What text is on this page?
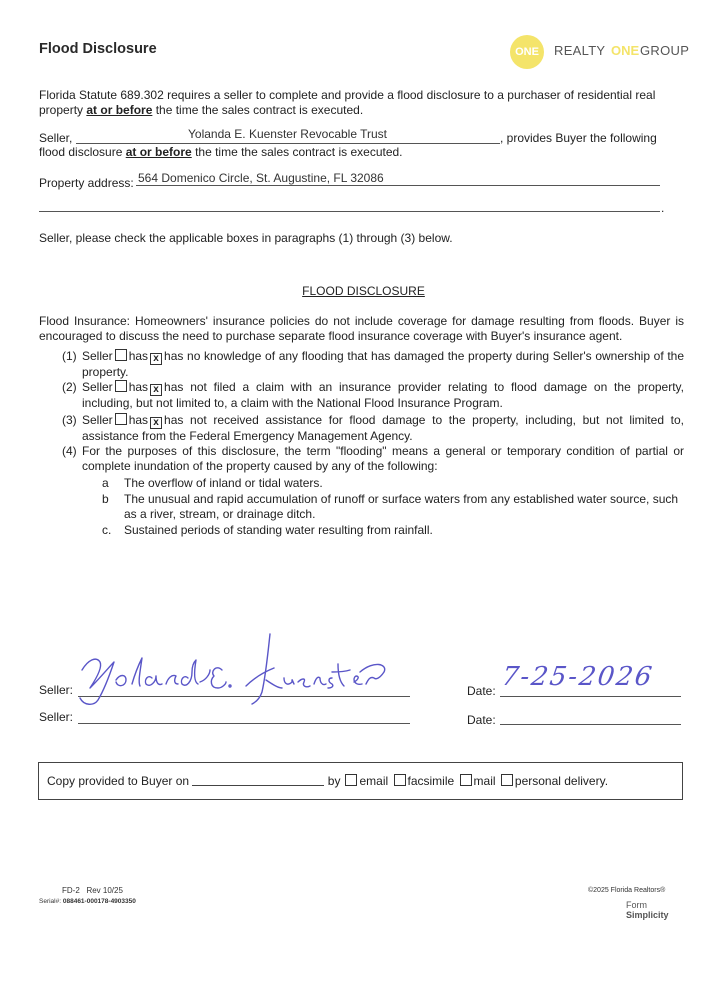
Flood Disclosure	ONE	REALTY ONE GROUP
Florida Statute 689.302 requires a seller to complete and provide a flood disclosure to a purchaser of residential real
property at or before the time the sales contract is executed.
Seller,	Yolanda E. Kuenster Revocable Trust	, provides Buyer the following
flood disclosure at or before the time the sales contract is executed.
Property address: 564 Domenico Circle, St. Augustine, FL 32086
.
Seller, please check the applicable boxes in paragraphs (1) through (3) below.
FLOOD DISCLOSURE
Flood Insurance: Homeowners' insurance policies do not include coverage for damage resulting from floods. Buyer is encouraged to discuss the need to purchase separate flood insurance coverage with Buyer's insurance agent.
(1) Seller has x has no knowledge of any flooding that has damaged the property during Seller's ownership of the property.
(2) Seller has x has not filed a claim with an insurance provider relating to flood damage on the property, including, but not limited to, a claim with the National Flood Insurance Program.
(3) Seller has x has not received assistance for flood damage to the property, including, but not limited to, assistance from the Federal Emergency Management Agency.
(4) For the purposes of this disclosure, the term "flooding" means a general or temporary condition of partial or complete inundation of the property caused by any of the following:
a The overflow of inland or tidal waters.
b The unusual and rapid accumulation of runoff or surface waters from any established water source, such as a river, stream, or drainage ditch.
c. Sustained periods of standing water resulting from rainfall.
Seller:
Seller:
Date: 7-25-2026
Date:
Copy provided to Buyer on	by email facsimile mail personal delivery.
FD-2 Rev 10/25
Serial#: 088461-000178-4903350
©2025 Florida Realtors®
Form
Simplicity
